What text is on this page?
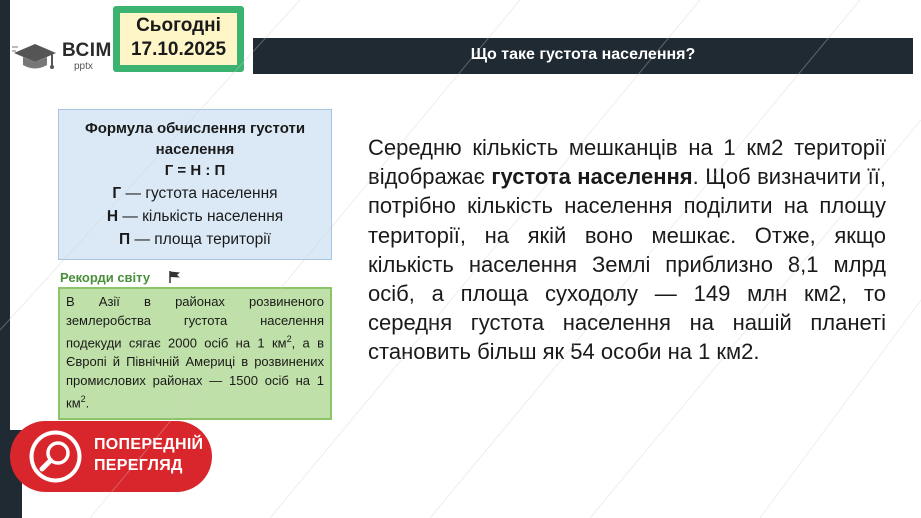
ВСІМ
pptx
Сьогодні
17.10.2025	Що таке густота населення?
Формула обчислення густоти населення
Г = Н : П
Г — густота населення
Н — кількість населення
П — площа території
Рекорди світу

В Азії в районах розвиненого землеробства густота населення подекуди сягає 2000 осіб на 1 $км^2$, а в Європі й Північній Америці в розвинених промислових районах — 1500 осіб на 1 $км^2$.

Середню кількість мешканців на 1 км2 території відображає густота населення. Щоб визначити її, потрібно кількість населення поділити на площу території, на якій воно мешкає. Отже, якщо кількість населення Землі приблизно 8,1 млрд осіб, а площа суходолу — 149 млн км2, то середня густота населення на нашій планеті становить більш як 54 особи на 1 км2.

ПОПЕРЕДНІЙ
ПЕРЕГЛЯД
